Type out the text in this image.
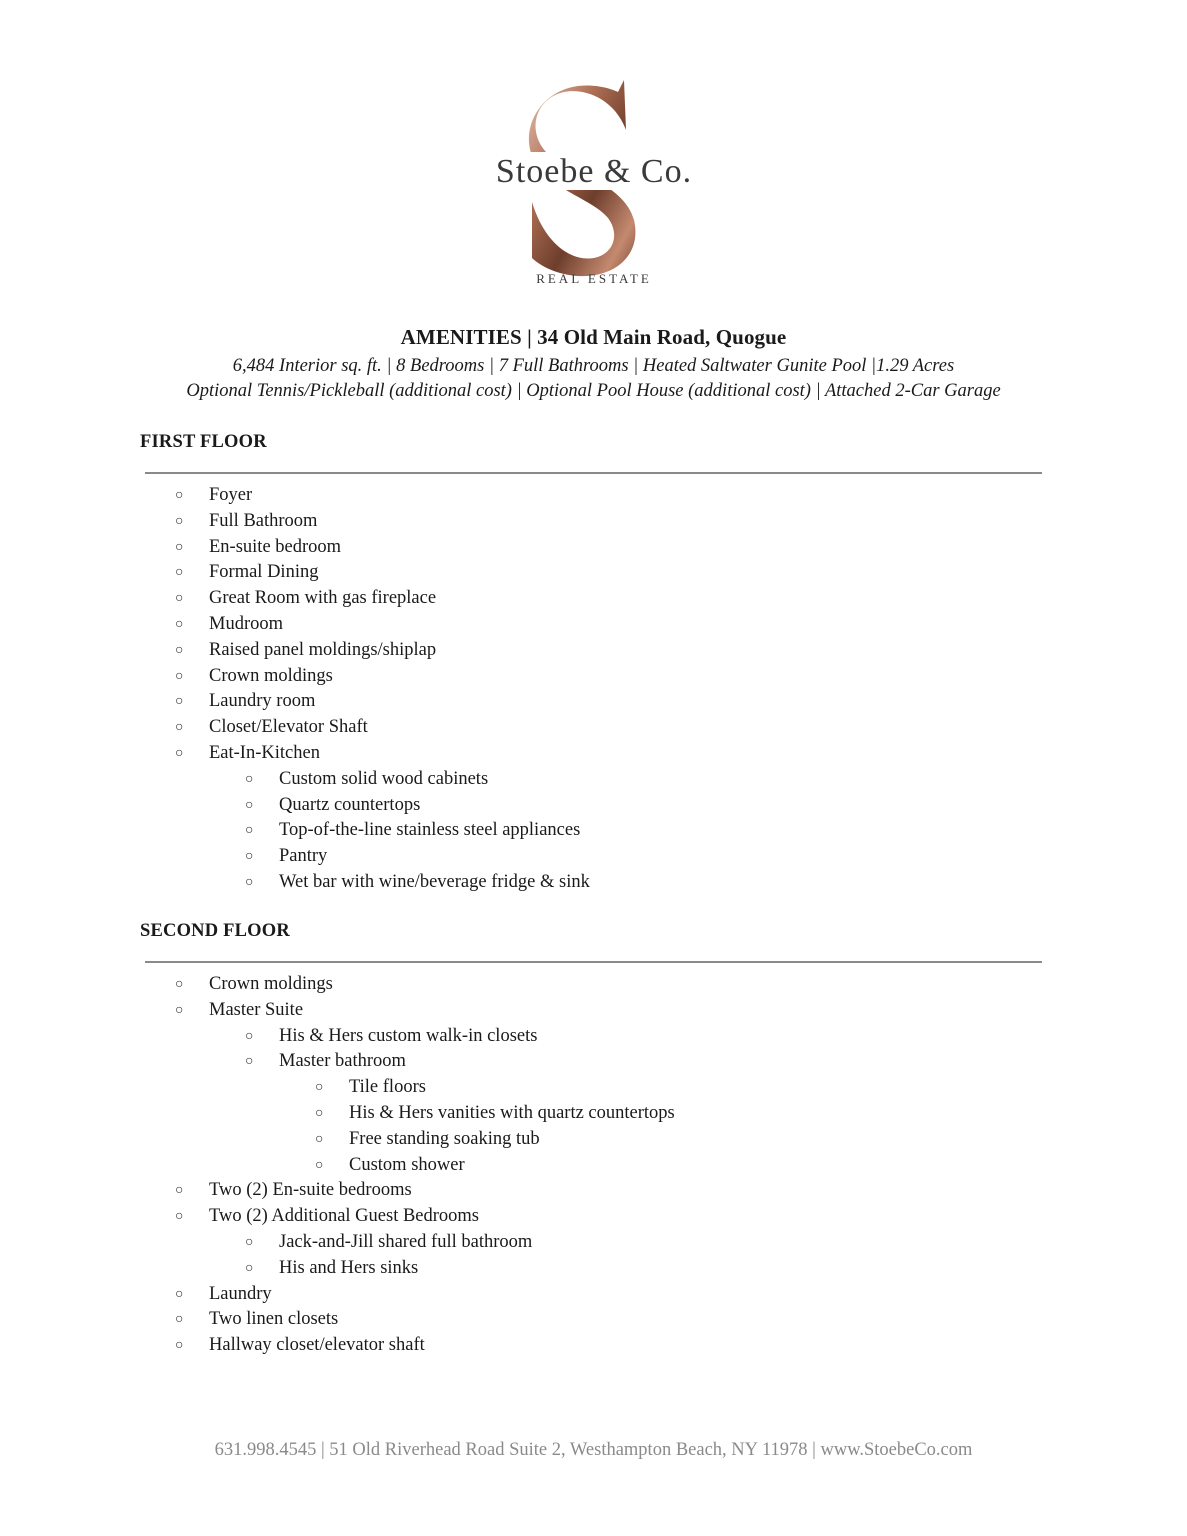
Stoebe & Co.
REAL ESTATE
AMENITIES | 34 Old Main Road, Quogue
6,484 Interior sq. ft. | 8 Bedrooms | 7 Full Bathrooms | Heated Saltwater Gunite Pool |1.29 Acres
Optional Tennis/Pickleball (additional cost) | Optional Pool House (additional cost) | Attached 2-Car Garage
FIRST FLOOR
○ Foyer
○ Full Bathroom
○ En-suite bedroom
○ Formal Dining
○ Great Room with gas fireplace
○ Mudroom
○ Raised panel moldings/shiplap
○ Crown moldings
○ Laundry room
○ Closet/Elevator Shaft
○ Eat-In-Kitchen
○ Custom solid wood cabinets
○ Quartz countertops
○ Top-of-the-line stainless steel appliances
○ Pantry
○ Wet bar with wine/beverage fridge & sink
SECOND FLOOR
○ Crown moldings
○ Master Suite
○ His & Hers custom walk-in closets
○ Master bathroom
○ Tile floors
○ His & Hers vanities with quartz countertops
○ Free standing soaking tub
○ Custom shower
○ Two (2) En-suite bedrooms
○ Two (2) Additional Guest Bedrooms
○ Jack-and-Jill shared full bathroom
○ His and Hers sinks
○ Laundry
○ Two linen closets
○ Hallway closet/elevator shaft
631.998.4545 | 51 Old Riverhead Road Suite 2, Westhampton Beach, NY 11978 | www.StoebeCo.com
